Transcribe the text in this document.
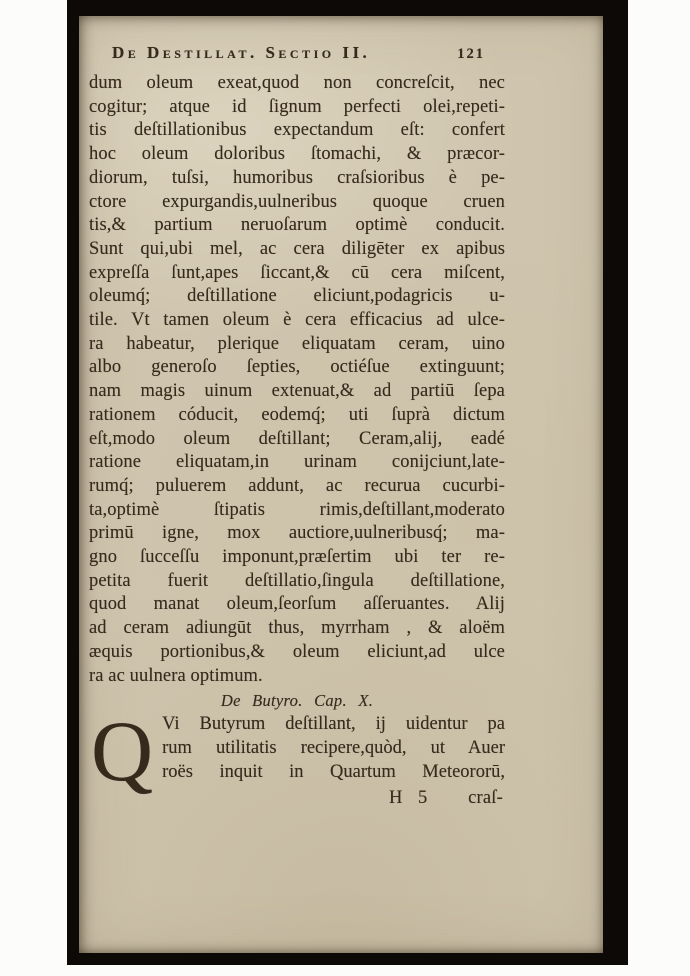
De Destillat. Sectio II.	121
dum oleum exeat,quod non concreſcit, nec
cogitur; atque id ſignum perfecti olei,repeti-
tis deſtillationibus expectandum eſt: confert
hoc oleum doloribus ſtomachi, & præcor-
diorum, tuſsi, humoribus craſsioribus è pe-
ctore expurgandis,uulneribus quoque cruen
tis,& partium neruoſarum optimè conducit.
Sunt qui,ubi mel, ac cera diligēter ex apibus
expreſſa ſunt,apes ſiccant,& cū cera miſcent,
oleumq́; deſtillatione eliciunt,podagricis u-
tile. Vt tamen oleum è cera efficacius ad ulce-
ra habeatur, plerique eliquatam ceram, uino
albo generoſo ſepties, octiéſue extinguunt;
nam magis uinum extenuat,& ad partiū ſepa
rationem códucit, eodemq́; uti ſuprà dictum
eſt,modo oleum deſtillant; Ceram,alij, eadé
ratione eliquatam,in urinam conijciunt,late-
rumq́; puluerem addunt, ac recurua cucurbi-
ta,optimè ſtipatis rimis,deſtillant,moderato
primū igne, mox auctiore,uulneribusq́; ma-
gno ſucceſſu imponunt,præſertim ubi ter re-
petita fuerit deſtillatio,ſingula deſtillatione,
quod manat oleum,ſeorſum aſſeruantes. Alij
ad ceram adiungūt thus, myrrham , & aloëm
æquis portionibus,& oleum eliciunt,ad ulce
ra ac uulnera optimum.
De Butyro. Cap. X.
Q Vi Butyrum deſtillant, ij uidentur pa
rum utilitatis recipere,quòd, ut Auer
roës inquit in Quartum Meteororū,
H 5 craſ-
